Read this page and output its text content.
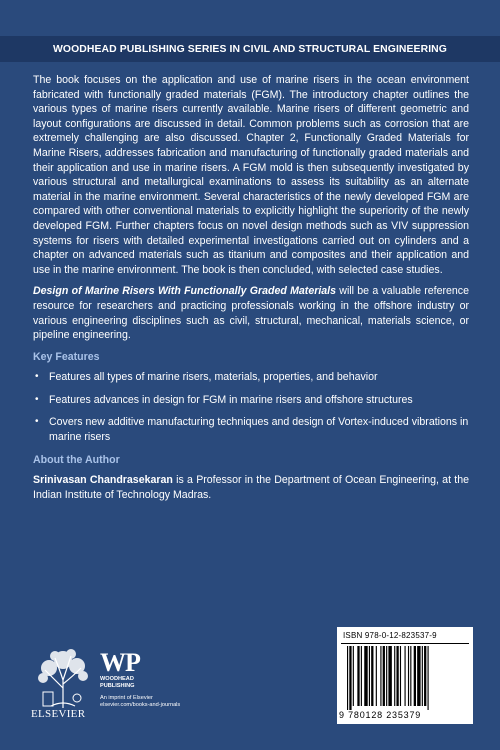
WOODHEAD PUBLISHING SERIES IN CIVIL AND STRUCTURAL ENGINEERING

The book focuses on the application and use of marine risers in the ocean environment fabricated with functionally graded materials (FGM). The introductory chapter outlines the various types of marine risers currently available. Marine risers of different geometric and layout configurations are discussed in detail. Common problems such as corrosion that are extremely challenging are also discussed. Chapter 2, Functionally Graded Materials for Marine Risers, addresses fabrication and manufacturing of functionally graded materials and their application and use in marine risers. A FGM mold is then subsequently investigated by various structural and metallurgical examinations to assess its suitability as an alternate material in the marine environment. Several characteristics of the newly developed FGM are compared with other conventional materials to explicitly highlight the superiority of the newly developed FGM. Further chapters focus on novel design methods such as VIV suppression systems for risers with detailed experimental investigations carried out on cylinders and a chapter on advanced materials such as titanium and composites and their application and use in the marine environment. The book is then concluded, with selected case studies.

Design of Marine Risers With Functionally Graded Materials will be a valuable reference resource for researchers and practicing professionals working in the offshore industry or various engineering disciplines such as civil, structural, mechanical, materials science, or pipeline engineering.

Key Features
• Features all types of marine risers, materials, properties, and behavior
• Features advances in design for FGM in marine risers and offshore structures
• Covers new additive manufacturing techniques and design of Vortex-induced vibrations in marine risers
About the Author

Srinivasan Chandrasekaran is a Professor in the Department of Ocean Engineering, at the Indian Institute of Technology Madras.

ELSEVIER
WP
WOODHEAD
PUBLISHING
An imprint of Elsevier
elsevier.com/books-and-journals
ISBN 978-0-12-823537-9
9 780128 235379
